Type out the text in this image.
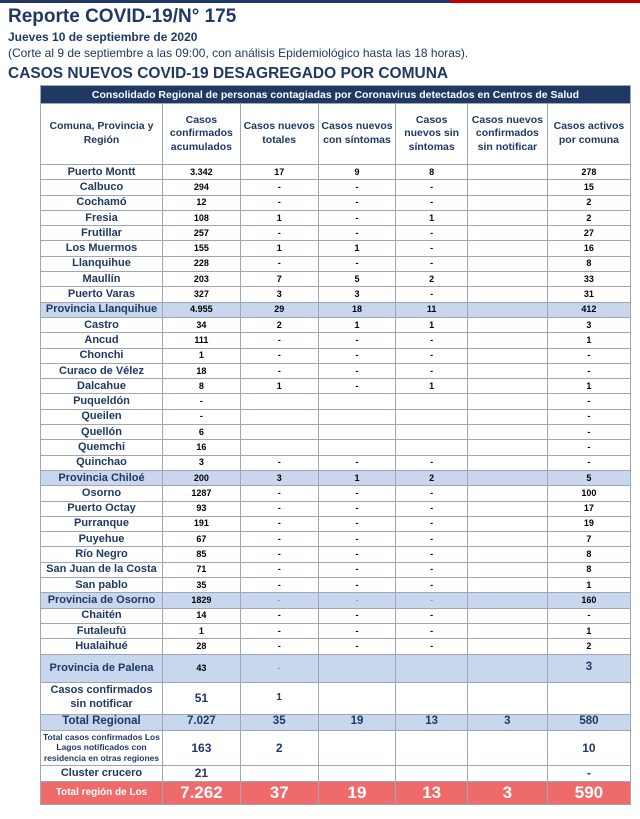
Reporte COVID-19/N° 175
Jueves 10 de septiembre de 2020
(Corte al 9 de septiembre a las 09:00, con análisis Epidemiológico hasta las 18 horas).
CASOS NUEVOS COVID-19 DESAGREGADO POR COMUNA
Consolidado Regional de personas contagiadas por Coronavirus detectados en Centros de Salud						
Comuna, Provincia y Región	Casos confirmados acumulados	Casos nuevos totales	Casos nuevos con síntomas	Casos nuevos sin síntomas	Casos nuevos confirmados sin notificar	Casos activos por comuna
Puerto Montt	3.342	17	9	8		278
Calbuco	294	-	-	-		15
Cochamó	12	-	-	-		2
Fresia	108	1	-	1		2
Frutillar	257	-	-	-		27
Los Muermos	155	1	1	-		16
Llanquihue	228	-	-	-		8
Maullín	203	7	5	2		33
Puerto Varas	327	3	3	-		31
Provincia Llanquihue	4.955	29	18	11		412
Castro	34	2	1	1		3
Ancud	111	-	-	-		1
Chonchi	1	-	-	-		-
Curaco de Vélez	18	-	-	-		-
Dalcahue	8	1	-	1		1
Puqueldón	-					-
Queilen	-					-
Quellón	6					-
Quemchi	16					-
Quinchao	3	-	-	-		-
Provincia Chiloé	200	3	1	2		5
Osorno	1287	-	-	-		100
Puerto Octay	93	-	-	-		17
Purranque	191	-	-	-		19
Puyehue	67	-	-	-		7
Río Negro	85	-	-	-		8
San Juan de la Costa	71	-	-	-		8
San pablo	35	-	-	-		1
Provincia de Osorno	1829	-	-	-		160
Chaitén	14	-	-	-		-
Futaleufú	1	-	-	-		1
Hualaihué	28	-	-	-		2
Provincia de Palena	43	-				3
Casos confirmados sin notificar	51	1				
Total Regional	7.027	35	19	13	3	580
Total casos confirmados Los Lagos notificados con residencia en otras regiones	163	2				10
Cluster crucero	21					-
Total región de Los	7.262	37	19	13	3	590
